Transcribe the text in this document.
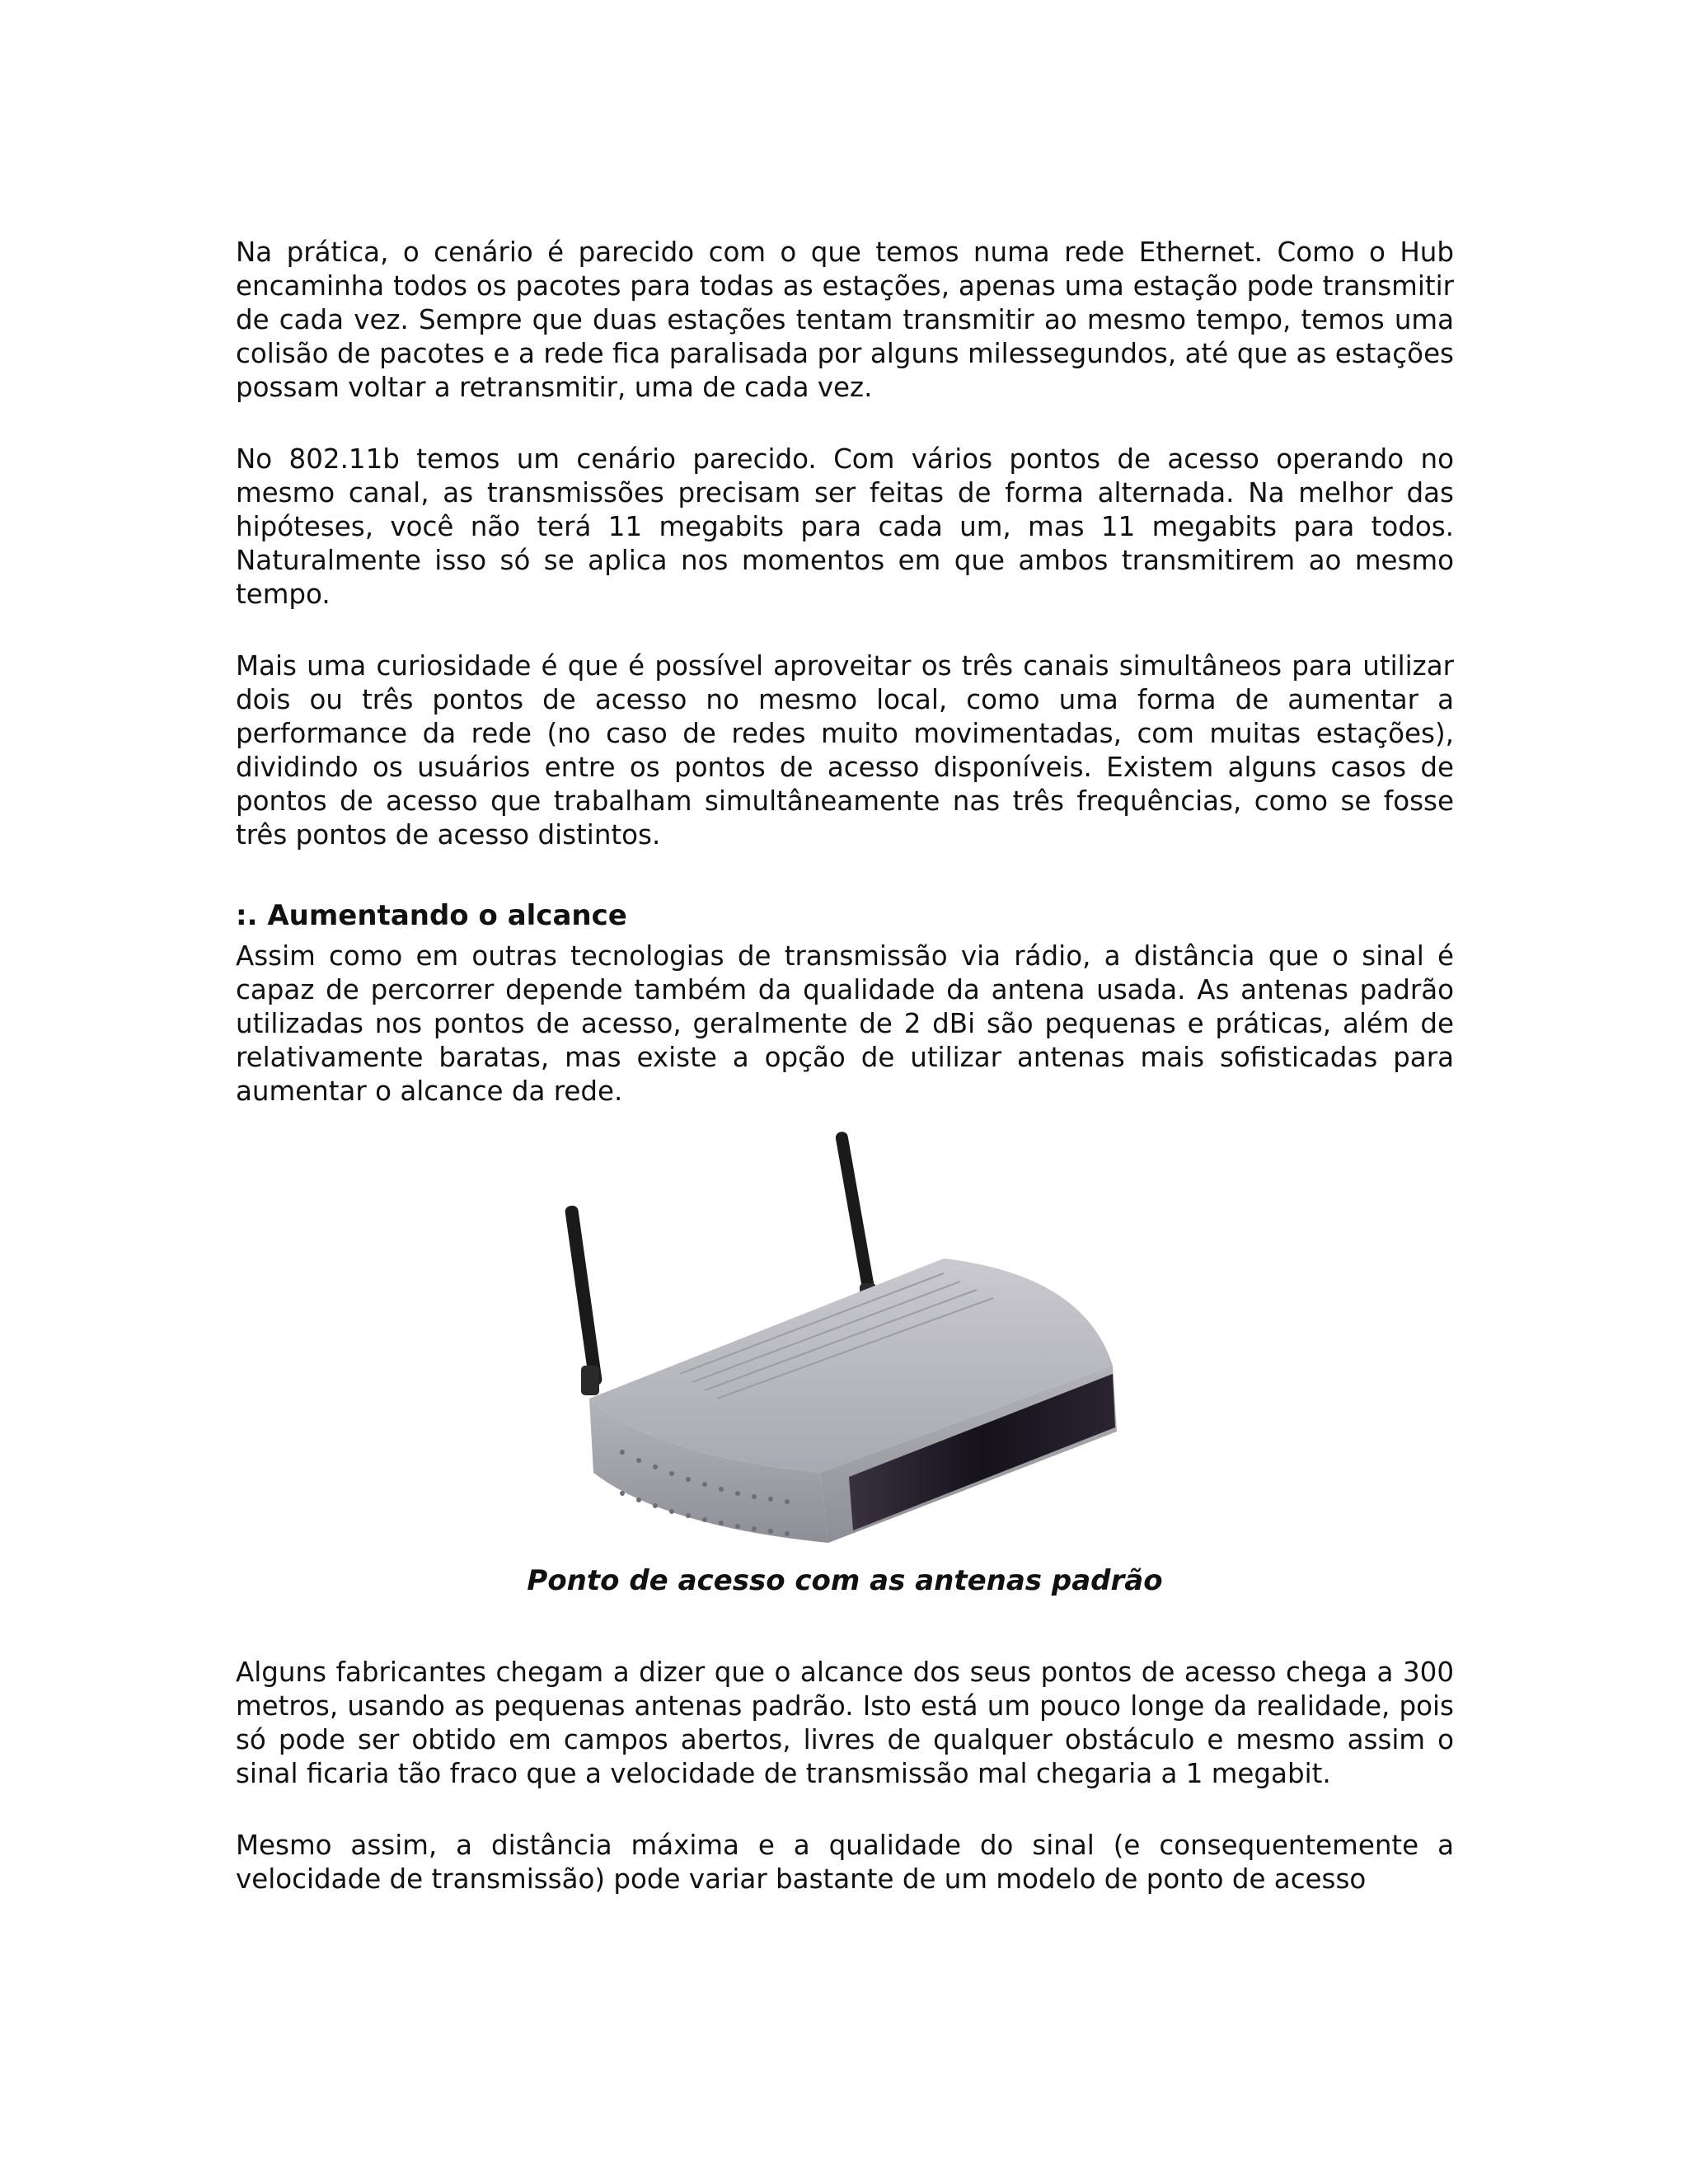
Na prática, o cenário é parecido com o que temos numa rede Ethernet. Como o Hub encaminha todos os pacotes para todas as estações, apenas uma estação pode transmitir de cada vez. Sempre que duas estações tentam transmitir ao mesmo tempo, temos uma colisão de pacotes e a rede fica paralisada por alguns milessegundos, até que as estações possam voltar a retransmitir, uma de cada vez.

No 802.11b temos um cenário parecido. Com vários pontos de acesso operando no mesmo canal, as transmissões precisam ser feitas de forma alternada. Na melhor das hipóteses, você não terá 11 megabits para cada um, mas 11 megabits para todos. Naturalmente isso só se aplica nos momentos em que ambos transmitirem ao mesmo tempo.

Mais uma curiosidade é que é possível aproveitar os três canais simultâneos para utilizar dois ou três pontos de acesso no mesmo local, como uma forma de aumentar a performance da rede (no caso de redes muito movimentadas, com muitas estações), dividindo os usuários entre os pontos de acesso disponíveis. Existem alguns casos de pontos de acesso que trabalham simultâneamente nas três frequências, como se fosse três pontos de acesso distintos.

:. Aumentando o alcance

Assim como em outras tecnologias de transmissão via rádio, a distância que o sinal é capaz de percorrer depende também da qualidade da antena usada. As antenas padrão utilizadas nos pontos de acesso, geralmente de 2 dBi são pequenas e práticas, além de relativamente baratas, mas existe a opção de utilizar antenas mais sofisticadas para aumentar o alcance da rede.

Ponto de acesso com as antenas padrão

Alguns fabricantes chegam a dizer que o alcance dos seus pontos de acesso chega a 300 metros, usando as pequenas antenas padrão. Isto está um pouco longe da realidade, pois só pode ser obtido em campos abertos, livres de qualquer obstáculo e mesmo assim o sinal ficaria tão fraco que a velocidade de transmissão mal chegaria a 1 megabit.

Mesmo assim, a distância máxima e a qualidade do sinal (e consequentemente a velocidade de transmissão) pode variar bastante de um modelo de ponto de acesso
